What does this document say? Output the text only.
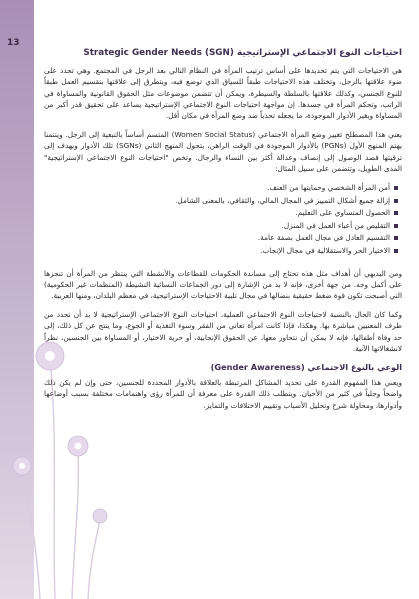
13
احتياجات النوع الاجتماعي الإستراتيجية (Strategic Gender Needs (SGN

هي الاحتياجات التي يتم تحديدها على أساس ترتيب المرأة في النظام التالي بعد الرجل في المجتمع. وهي تحدد على ضوء علاقتها بالرجل، وتختلف هذه الاحتياجات طبقاً للسياق الذي توضع فيه، ويتطرق إلى علاقتها بتقسيم العمل طبقاً للنوع الجنسي، وكذلك علاقتها بالسلطة والسيطرة، ويمكن أن تتضمن موضوعات مثل الحقوق القانونية والمساواة في الراتب، وتحكم المرأة في جسدها. إن مواجهة احتياجات النوع الاجتماعي الإستراتيجية يساعد على تحقيق قدر أكبر من المساواة ويغير الأدوار الموجودة، ما يجعله تحدياً ضد وضع المرأة في مكان أقل.

يعني هذا المصطلح تغيير وضع المرأة الاجتماعي (Women Social Status) المتسم أساساً بالتبعية إلى الرجل. وينتمنا يهتم المنهج الأول (PGNs) بالأدوار الموجودة في الوقت الراهن، يتحول المنهج الثاني (SGNs) تلك الأدوار ويهدف إلى ترقيتها قصد الوصول إلى إنصاف وعدالة أكثر بين النساء والرجال. وتخص "احتياجات النوع الاجتماعي الإستراتيجية" المدى الطويل، وتتضمن على سبيل المثال:

أمن المرأة الشخصي وحمايتها من العنف.
إزالة جميع أشكال التمييز في المجال المالي، والثقافي، بالمعنى الشامل.
الحصول المتساوي على التعليم.
التقليص من أعباء العمل في المنزل.
التقسيم العادل في مجال العمل بصفة عامة.
الاختيار الحر والاستقلالية في مجال الإنجاب.

ومن البديهي أن أهداف مثل هذه تحتاج إلى مساندة الحكومات للقطاعات والأنشطة التي ينتظر من المرأة أن تنجزها على أكمل وجه. من جهة أخرى، فإنه لا بد من الإشارة إلى دور الجماعات النسائية النشيطة (المنظمات غير الحكومية) التي أصبحت تكون قوة ضغط حقيقية بنضالها في مجال تلبية الاحتياجات الإستراتيجية، في معظم البلدان، ومنها العربية.

وكما كان الحال بالنسبة لاحتياجات النوع الاجتماعي العملية، احتياجات النوع الاجتماعي الإستراتيجية لا بد أن تحدد من طرف المعنيين مباشرة بها. وهكذا، فإذا كانت امرأة تعاني من الفقر وسوء التغذية أو الجوع، وما ينتج عن كل ذلك، إلى حد وفاة أطفالها، فإنه لا يمكن أن نتحاور معها، عن الحقوق الإنجابية، أو حرية الاختيار، أو المساواة بين الجنسين، نظراً لانشغالاتها الآنية.

الوعي بالنوع الاجتماعي (Gender Awareness)

ويعني هذا المفهوم القدرة على تحديد المشاكل المرتبطة بالعلاقة بالأدوار المحددة للجنسين، حتى وإن لم يكن ذلك واضحاً وجلياً في كثير من الأحيان. ويتطلب ذلك القدرة على معرفة أن للمرأة رؤى واهتمامات مختلفة بسبب أوضاعها وأدوارها، ومحاولة شرح وتحليل الأسباب وتقييم الاختلافات والتمايز.
